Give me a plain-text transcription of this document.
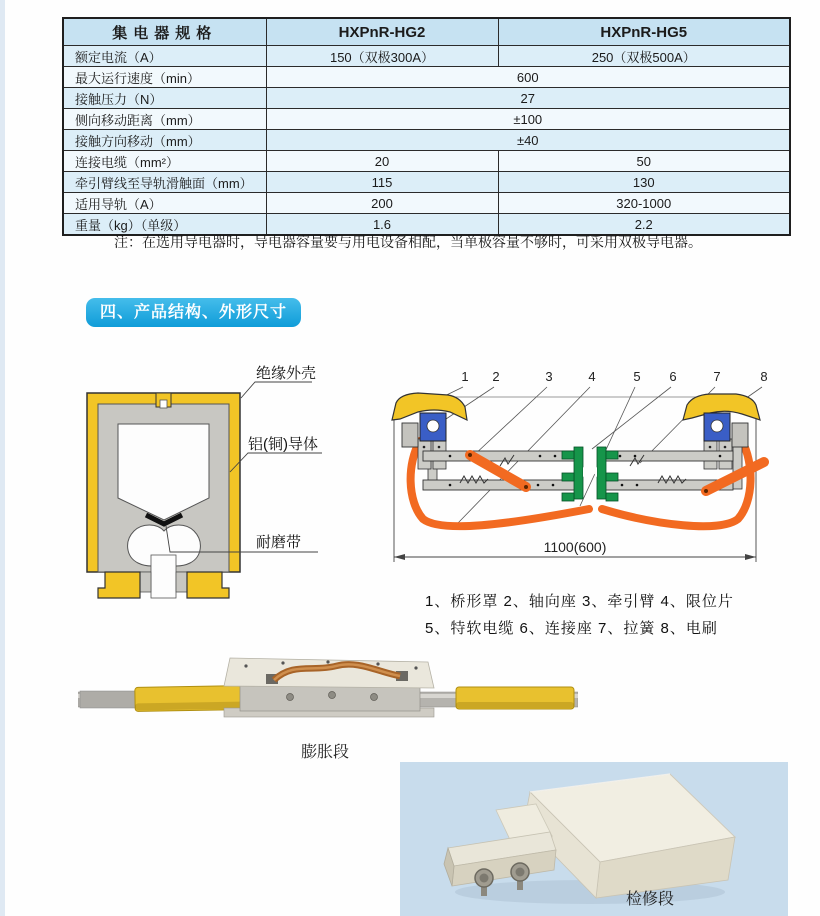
集电器规格	HXPnR-HG2	HXPnR-HG5
额定电流（A）	150（双极300A）	250（双极500A）
最大运行速度（min）	600	
接触压力（N）	27	
侧向移动距离（mm）	±100	
接触方向移动（mm）	±40	
连接电缆（mm²）	20	50
牵引臂线至导轨滑触面（mm）	115	130
适用导轨（A）	200	320-1000
重量（kg）（单级）	1.6	2.2
注：在选用导电器时，导电器容量要与用电设备相配，当单极容量不够时，可采用双极导电器。
四、产品结构、外形尺寸
绝缘外壳
铝(铜)导体
耐磨带
1 2	3	4	5 6	7	8
1100(600)
1、桥形罩 2、轴向座 3、牵引臂 4、限位片
5、特软电缆 6、连接座 7、拉簧 8、电刷
膨胀段
检修段
